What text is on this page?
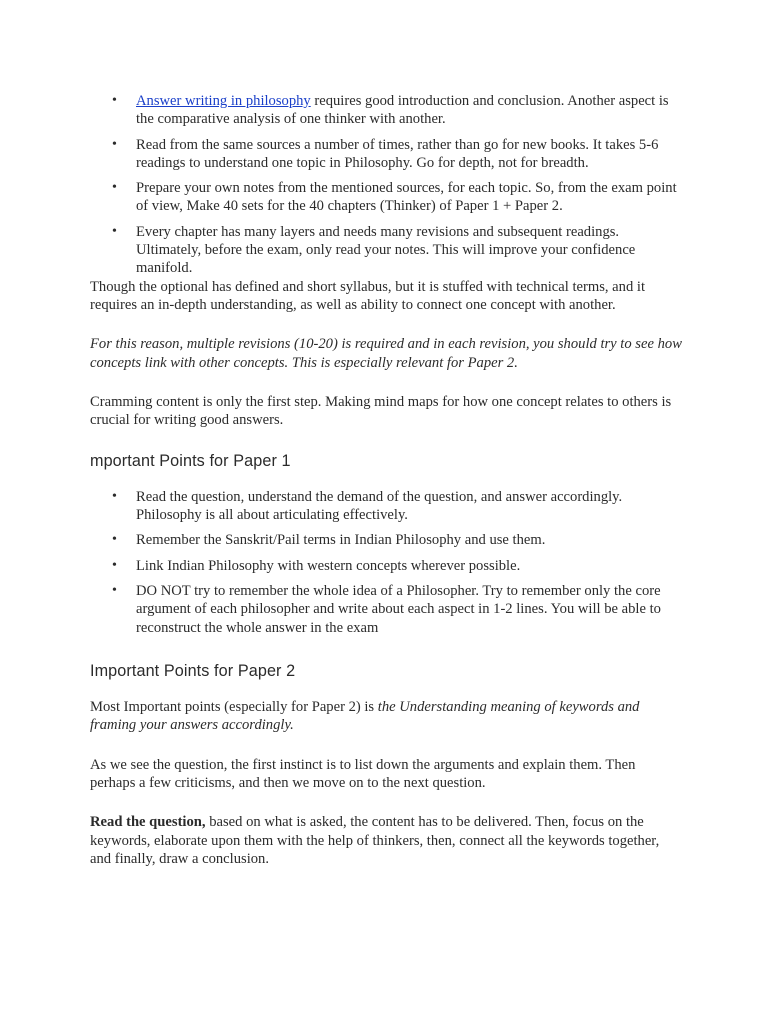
• Answer writing in philosophy requires good introduction and conclusion. Another aspect is the comparative analysis of one thinker with another.
• Read from the same sources a number of times, rather than go for new books. It takes 5-6 readings to understand one topic in Philosophy. Go for depth, not for breadth.
• Prepare your own notes from the mentioned sources, for each topic. So, from the exam point of view, Make 40 sets for the 40 chapters (Thinker) of Paper 1 + Paper 2.
• Every chapter has many layers and needs many revisions and subsequent readings. Ultimately, before the exam, only read your notes. This will improve your confidence manifold.

Though the optional has defined and short syllabus, but it is stuffed with technical terms, and it requires an in-depth understanding, as well as ability to connect one concept with another.

For this reason, multiple revisions (10-20) is required and in each revision, you should try to see how concepts link with other concepts. This is especially relevant for Paper 2.

Cramming content is only the first step. Making mind maps for how one concept relates to others is crucial for writing good answers.

mportant Points for Paper 1
• Read the question, understand the demand of the question, and answer accordingly. Philosophy is all about articulating effectively.
• Remember the Sanskrit/Pail terms in Indian Philosophy and use them.
• Link Indian Philosophy with western concepts wherever possible.
• DO NOT try to remember the whole idea of a Philosopher. Try to remember only the core argument of each philosopher and write about each aspect in 1-2 lines. You will be able to reconstruct the whole answer in the exam
Important Points for Paper 2

Most Important points (especially for Paper 2) is the Understanding meaning of keywords and framing your answers accordingly.

As we see the question, the first instinct is to list down the arguments and explain them. Then perhaps a few criticisms, and then we move on to the next question.

Read the question, based on what is asked, the content has to be delivered. Then, focus on the keywords, elaborate upon them with the help of thinkers, then, connect all the keywords together, and finally, draw a conclusion.
